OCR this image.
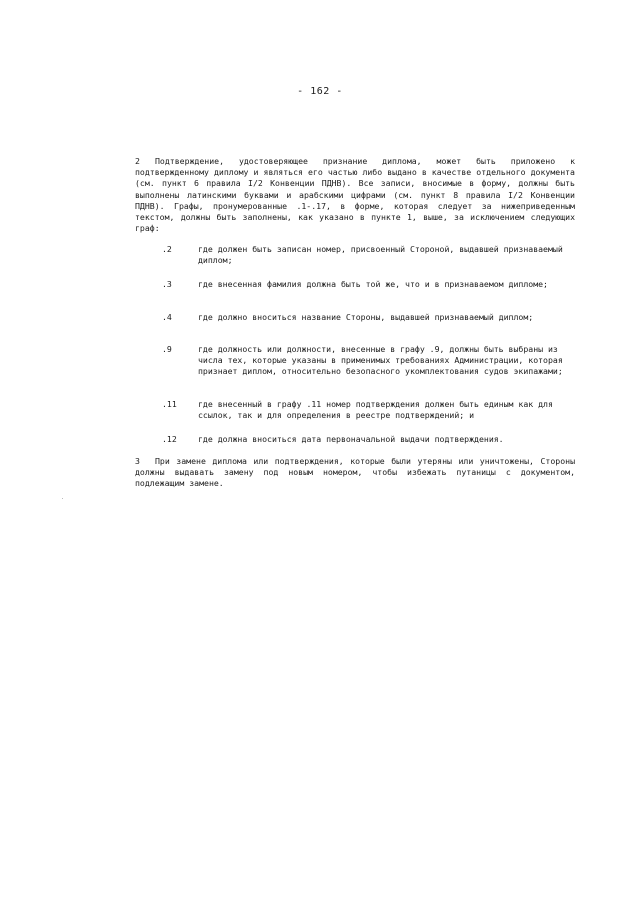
- 162 -
2 Подтверждение, удостоверяющее признание диплома, может быть приложено к подтвержденному диплому и являться его частью либо выдано в качестве отдельного документа (см. пункт 6 правила I/2 Конвенции ПДНВ). Все записи, вносимые в форму, должны быть выполнены латинскими буквами и арабскими цифрами (см. пункт 8 правила I/2 Конвенции ПДНВ). Графы, пронумерованные .1-.17, в форме, которая следует за нижеприведенным текстом, должны быть заполнены, как указано в пункте 1, выше, за исключением следующих граф:
.2	где должен быть записан номер, присвоенный Стороной, выдавшей признаваемый диплом;
.3	где внесенная фамилия должна быть той же, что и в признаваемом дипломе;
.4	где должно вноситься название Стороны, выдавшей признаваемый диплом;
.9	где должность или должности, внесенные в графу .9, должны быть выбраны из числа тех, которые указаны в применимых требованиях Администрации, которая признает диплом, относительно безопасного укомплектования судов экипажами;
.11	где внесенный в графу .11 номер подтверждения должен быть единым как для ссылок, так и для определения в реестре подтверждений; и
.12	где должна вноситься дата первоначальной выдачи подтверждения.
3 При замене диплома или подтверждения, которые были утеряны или уничтожены, Стороны должны выдавать замену под новым номером, чтобы избежать путаницы с документом, подлежащим замене.
